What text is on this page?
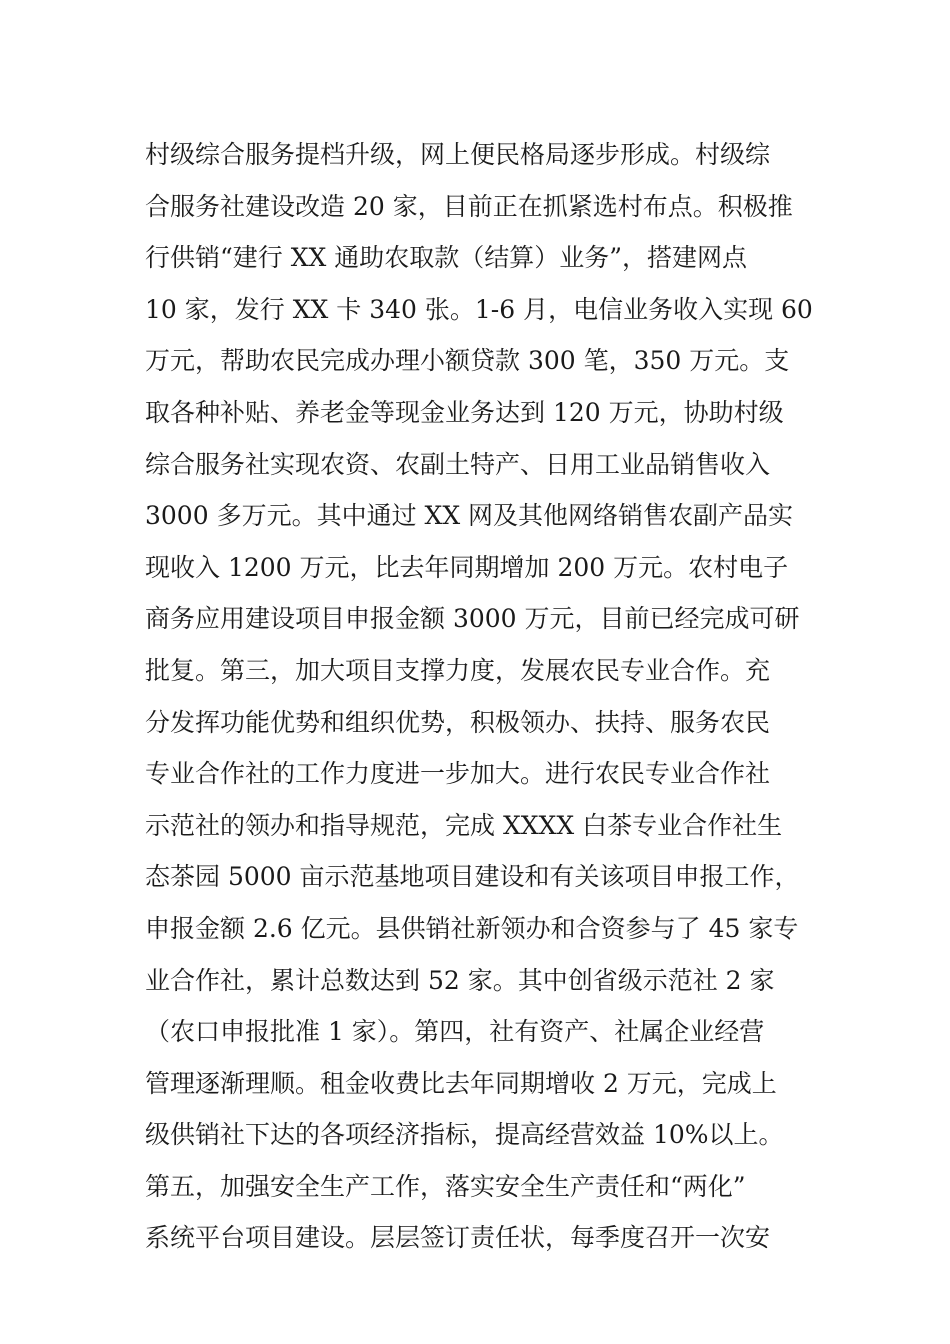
村级综合服务提档升级，网上便民格局逐步形成。村级综
合服务社建设改造 20 家，目前正在抓紧选村布点。积极推
行供销“建行 XX 通助农取款（结算）业务”，搭建网点
10 家，发行 XX 卡 340 张。1-6 月，电信业务收入实现 60
万元，帮助农民完成办理小额贷款 300 笔，350 万元。支
取各种补贴、养老金等现金业务达到 120 万元，协助村级
综合服务社实现农资、农副土特产、日用工业品销售收入
3000 多万元。其中通过 XX 网及其他网络销售农副产品实
现收入 1200 万元，比去年同期增加 200 万元。农村电子
商务应用建设项目申报金额 3000 万元，目前已经完成可研
批复。第三，加大项目支撑力度，发展农民专业合作。充
分发挥功能优势和组织优势，积极领办、扶持、服务农民
专业合作社的工作力度进一步加大。进行农民专业合作社
示范社的领办和指导规范，完成 XXXX 白茶专业合作社生
态茶园 5000 亩示范基地项目建设和有关该项目申报工作，
申报金额 2.6 亿元。县供销社新领办和合资参与了 45 家专
业合作社，累计总数达到 52 家。其中创省级示范社 2 家
（农口申报批准 1 家）。第四，社有资产、社属企业经营
管理逐渐理顺。租金收费比去年同期增收 2 万元，完成上
级供销社下达的各项经济指标，提高经营效益 10%以上。
第五，加强安全生产工作，落实安全生产责任和“两化”
系统平台项目建设。层层签订责任状，每季度召开一次安
